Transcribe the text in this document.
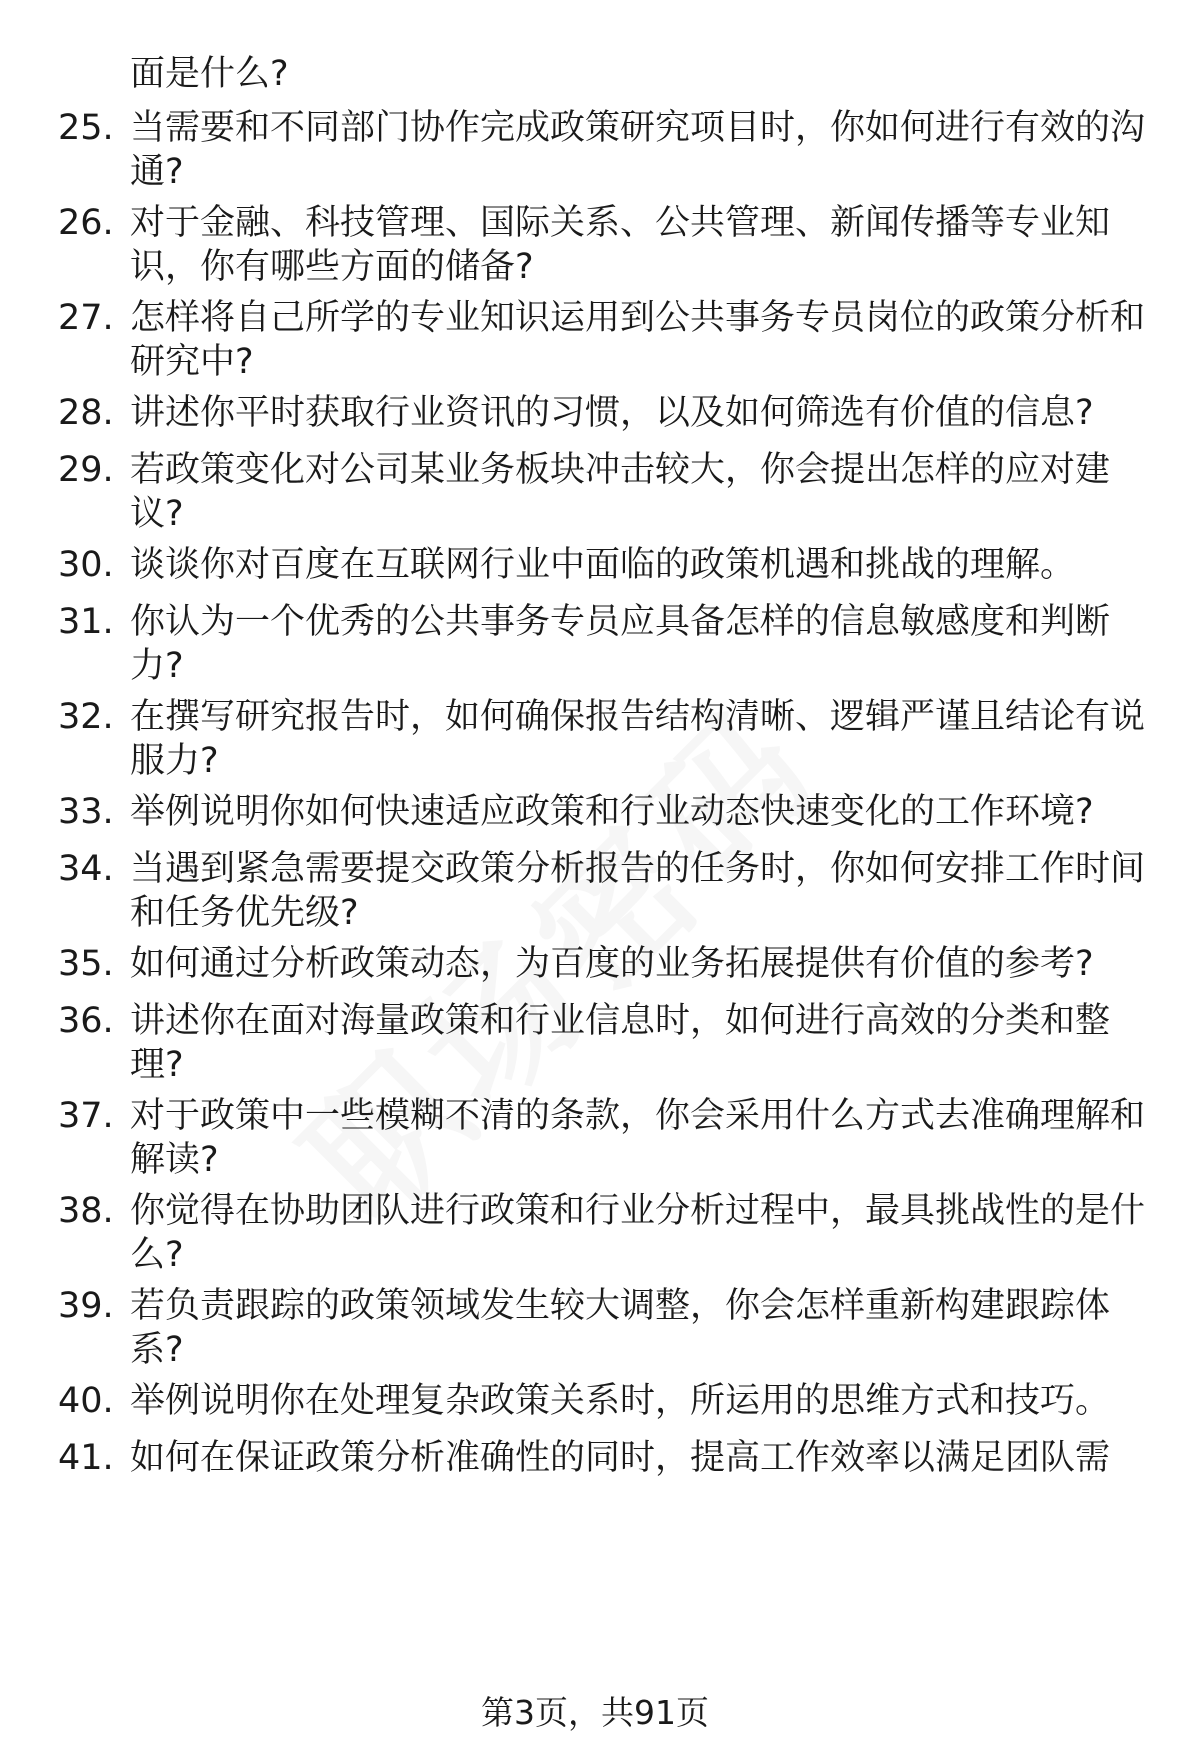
面是什么?
25. 当需要和不同部门协作完成政策研究项目时，你如何进行有效的沟通?
26. 对于金融、科技管理、国际关系、公共管理、新闻传播等专业知识，你有哪些方面的储备?
27. 怎样将自己所学的专业知识运用到公共事务专员岗位的政策分析和研究中?
28. 讲述你平时获取行业资讯的习惯，以及如何筛选有价值的信息?
29. 若政策变化对公司某业务板块冲击较大，你会提出怎样的应对建议?
30. 谈谈你对百度在互联网行业中面临的政策机遇和挑战的理解。
31. 你认为一个优秀的公共事务专员应具备怎样的信息敏感度和判断力?
32. 在撰写研究报告时，如何确保报告结构清晰、逻辑严谨且结论有说服力?
33. 举例说明你如何快速适应政策和行业动态快速变化的工作环境?
34. 当遇到紧急需要提交政策分析报告的任务时，你如何安排工作时间和任务优先级?
35. 如何通过分析政策动态，为百度的业务拓展提供有价值的参考?
36. 讲述你在面对海量政策和行业信息时，如何进行高效的分类和整理?
37. 对于政策中一些模糊不清的条款，你会采用什么方式去准确理解和解读?
38. 你觉得在协助团队进行政策和行业分析过程中，最具挑战性的是什么?
39. 若负责跟踪的政策领域发生较大调整，你会怎样重新构建跟踪体系?
40. 举例说明你在处理复杂政策关系时，所运用的思维方式和技巧。
41. 如何在保证政策分析准确性的同时，提高工作效率以满足团队需
第3页，共91页
